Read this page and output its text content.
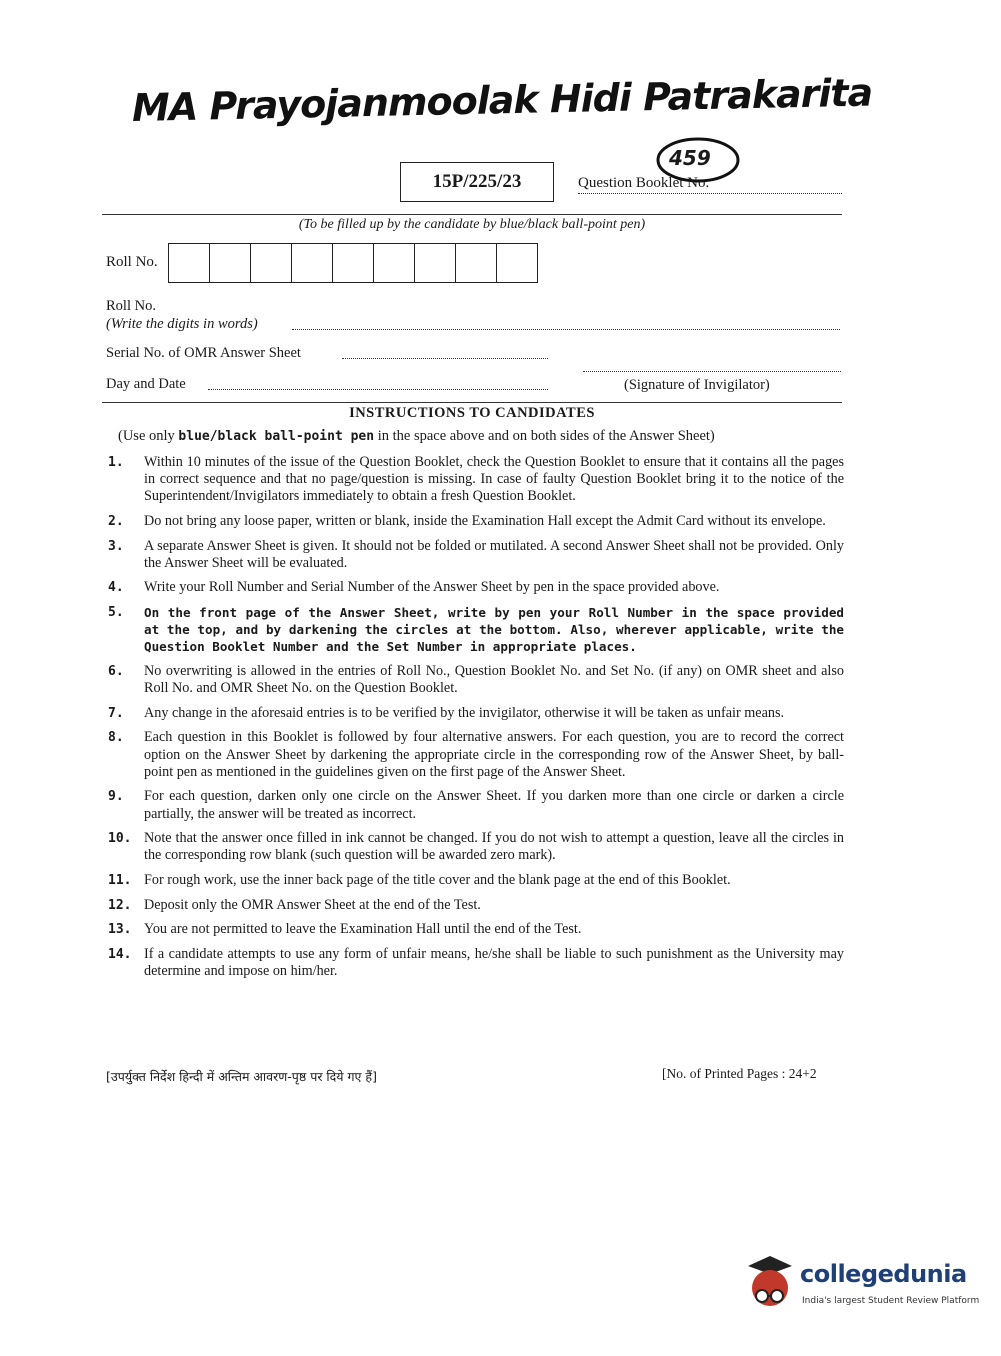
MA Prayojanmoolak Hidi Patrakarita
459
15P/225/23	Question Booklet No.
(To be filled up by the candidate by blue/black ball-point pen)
Roll No.
Roll No.
(Write the digits in words)
Serial No. of OMR Answer Sheet
(Signature of Invigilator)
Day and Date
INSTRUCTIONS TO CANDIDATES
(Use only blue/black ball-point pen in the space above and on both sides of the Answer Sheet)
1.	Within 10 minutes of the issue of the Question Booklet, check the Question Booklet to ensure that it contains all the pages in correct sequence and that no page/question is missing. In case of faulty Question Booklet bring it to the notice of the Superintendent/Invigilators immediately to obtain a fresh Question Booklet.
2.	Do not bring any loose paper, written or blank, inside the Examination Hall except the Admit Card without its envelope.
3.	A separate Answer Sheet is given. It should not be folded or mutilated. A second Answer Sheet shall not be provided. Only the Answer Sheet will be evaluated.
4.	Write your Roll Number and Serial Number of the Answer Sheet by pen in the space provided above.
5.	On the front page of the Answer Sheet, write by pen your Roll Number in the space provided at the top, and by darkening the circles at the bottom. Also, wherever applicable, write the Question Booklet Number and the Set Number in appropriate places.
6.	No overwriting is allowed in the entries of Roll No., Question Booklet No. and Set No. (if any) on OMR sheet and also Roll No. and OMR Sheet No. on the Question Booklet.
7.	Any change in the aforesaid entries is to be verified by the invigilator, otherwise it will be taken as unfair means.
8.	Each question in this Booklet is followed by four alternative answers. For each question, you are to record the correct option on the Answer Sheet by darkening the appropriate circle in the corresponding row of the Answer Sheet, by ball-point pen as mentioned in the guidelines given on the first page of the Answer Sheet.
9.	For each question, darken only one circle on the Answer Sheet. If you darken more than one circle or darken a circle partially, the answer will be treated as incorrect.
10. Note that the answer once filled in ink cannot be changed. If you do not wish to attempt a question, leave all the circles in the corresponding row blank (such question will be awarded zero mark).
11. For rough work, use the inner back page of the title cover and the blank page at the end of this Booklet.
12. Deposit only the OMR Answer Sheet at the end of the Test.
13. You are not permitted to leave the Examination Hall until the end of the Test.
14. If a candidate attempts to use any form of unfair means, he/she shall be liable to such punishment as the University may determine and impose on him/her.
[उपर्युक्त निर्देश हिन्दी में अन्तिम आवरण-पृष्ठ पर दिये गए हैं]	[No. of Printed Pages : 24+2
collegedunia
India's largest Student Review Platform
